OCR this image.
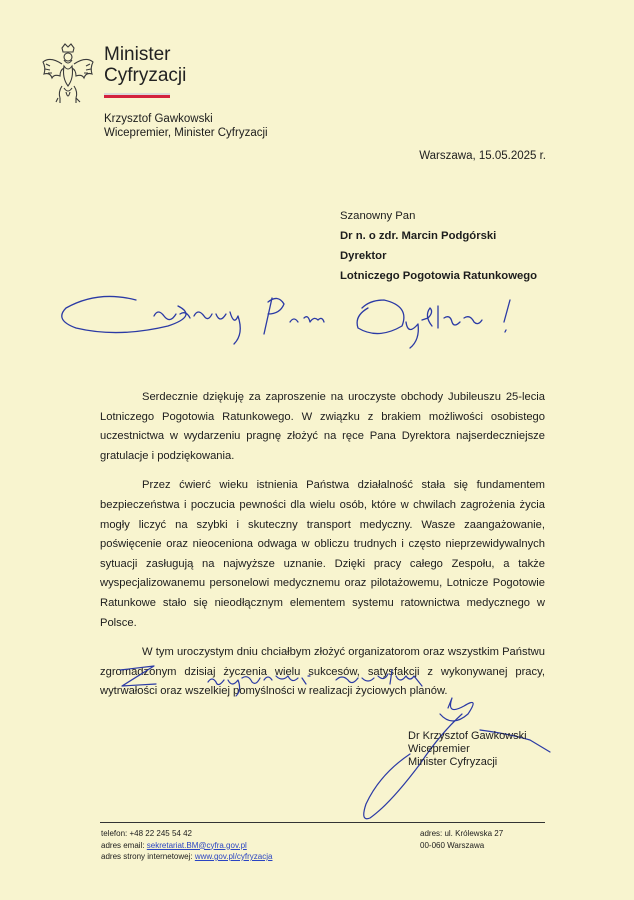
Minister
Cyfryzacji
Krzysztof Gawkowski
Wicepremier, Minister Cyfryzacji
Warszawa, 15.05.2025 r.
Szanowny Pan
Dr n. o zdr. Marcin Podgórski
Dyrektor
Lotniczego Pogotowia Ratunkowego

Serdecznie dziękuję za zaproszenie na uroczyste obchody Jubileuszu 25-lecia Lotniczego Pogotowia Ratunkowego. W związku z brakiem możliwości osobistego uczestnictwa w wydarzeniu pragnę złożyć na ręce Pana Dyrektora najserdeczniejsze gratulacje i podziękowania.

Przez ćwierć wieku istnienia Państwa działalność stała się fundamentem bezpieczeństwa i poczucia pewności dla wielu osób, które w chwilach zagrożenia życia mogły liczyć na szybki i skuteczny transport medyczny. Wasze zaangażowanie, poświęcenie oraz nieoceniona odwaga w obliczu trudnych i często nieprzewidywalnych sytuacji zasługują na najwyższe uznanie. Dzięki pracy całego Zespołu, a także wyspecjalizowanemu personelowi medycznemu oraz pilotażowemu, Lotnicze Pogotowie Ratunkowe stało się nieodłącznym elementem systemu ratownictwa medycznego w Polsce.

W tym uroczystym dniu chciałbym złożyć organizatorom oraz wszystkim Państwu zgromadzonym dzisiaj życzenia wielu sukcesów, satysfakcji z wykonywanej pracy, wytrwałości oraz wszelkiej pomyślności w realizacji życiowych planów.

Dr Krzysztof Gawkowski
Wicepremier
Minister Cyfryzacji
telefon: +48 22 245 54 42
adres email: sekretariat.BM@cyfra.gov.pl
adres strony internetowej: www.gov.pl/cyfryzacja
adres: ul. Królewska 27
00-060 Warszawa
